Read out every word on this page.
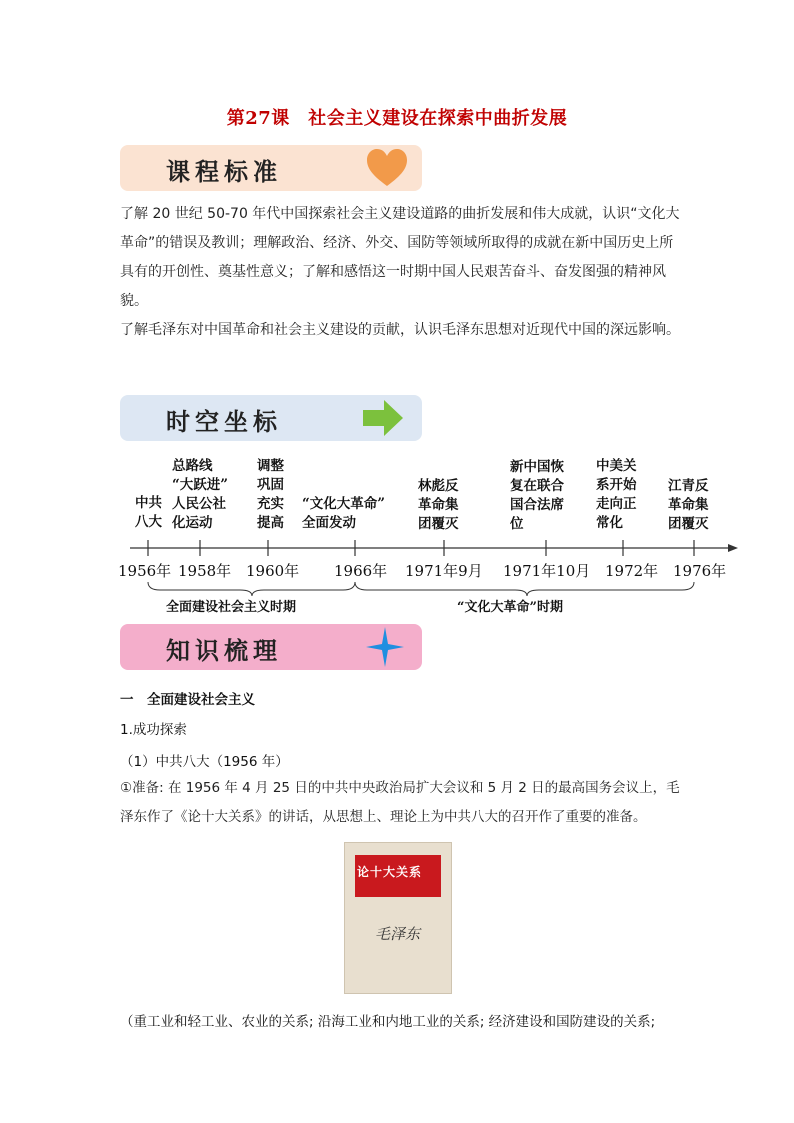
第27课　社会主义建设在探索中曲折发展
课程标准
了解 20 世纪 50-70 年代中国探索社会主义建设道路的曲折发展和伟大成就，认识“文化大
革命”的错误及教训；理解政治、经济、外交、国防等领域所取得的成就在新中国历史上所
具有的开创性、奠基性意义；了解和感悟这一时期中国人民艰苦奋斗、奋发图强的精神风貌。
了解毛泽东对中国革命和社会主义建设的贡献，认识毛泽东思想对近现代中国的深远影响。
时空坐标
中共
八大
总路线
“大跃进”
人民公社
化运动
调整
巩固
充实
提高
“文化大革命”
全面发动
林彪反
革命集
团覆灭
新中国恢
复在联合
国合法席
位
中美关
系开始
走向正
常化
江青反
革命集
团覆灭
1956年 1958年 1960年 1966年 1971年9月 1971年10月 1972年 1976年
全面建设社会主义时期	“文化大革命”时期
知识梳理
一　全面建设社会主义
1.成功探索
（1）中共八大（1956 年）
①准备: 在 1956 年 4 月 25 日的中共中央政治局扩大会议和 5 月 2 日的最高国务会议上，毛
泽东作了《论十大关系》的讲话，从思想上、理论上为中共八大的召开作了重要的准备。
论十大关系
毛泽东
（重工业和轻工业、农业的关系; 沿海工业和内地工业的关系; 经济建设和国防建设的关系;
